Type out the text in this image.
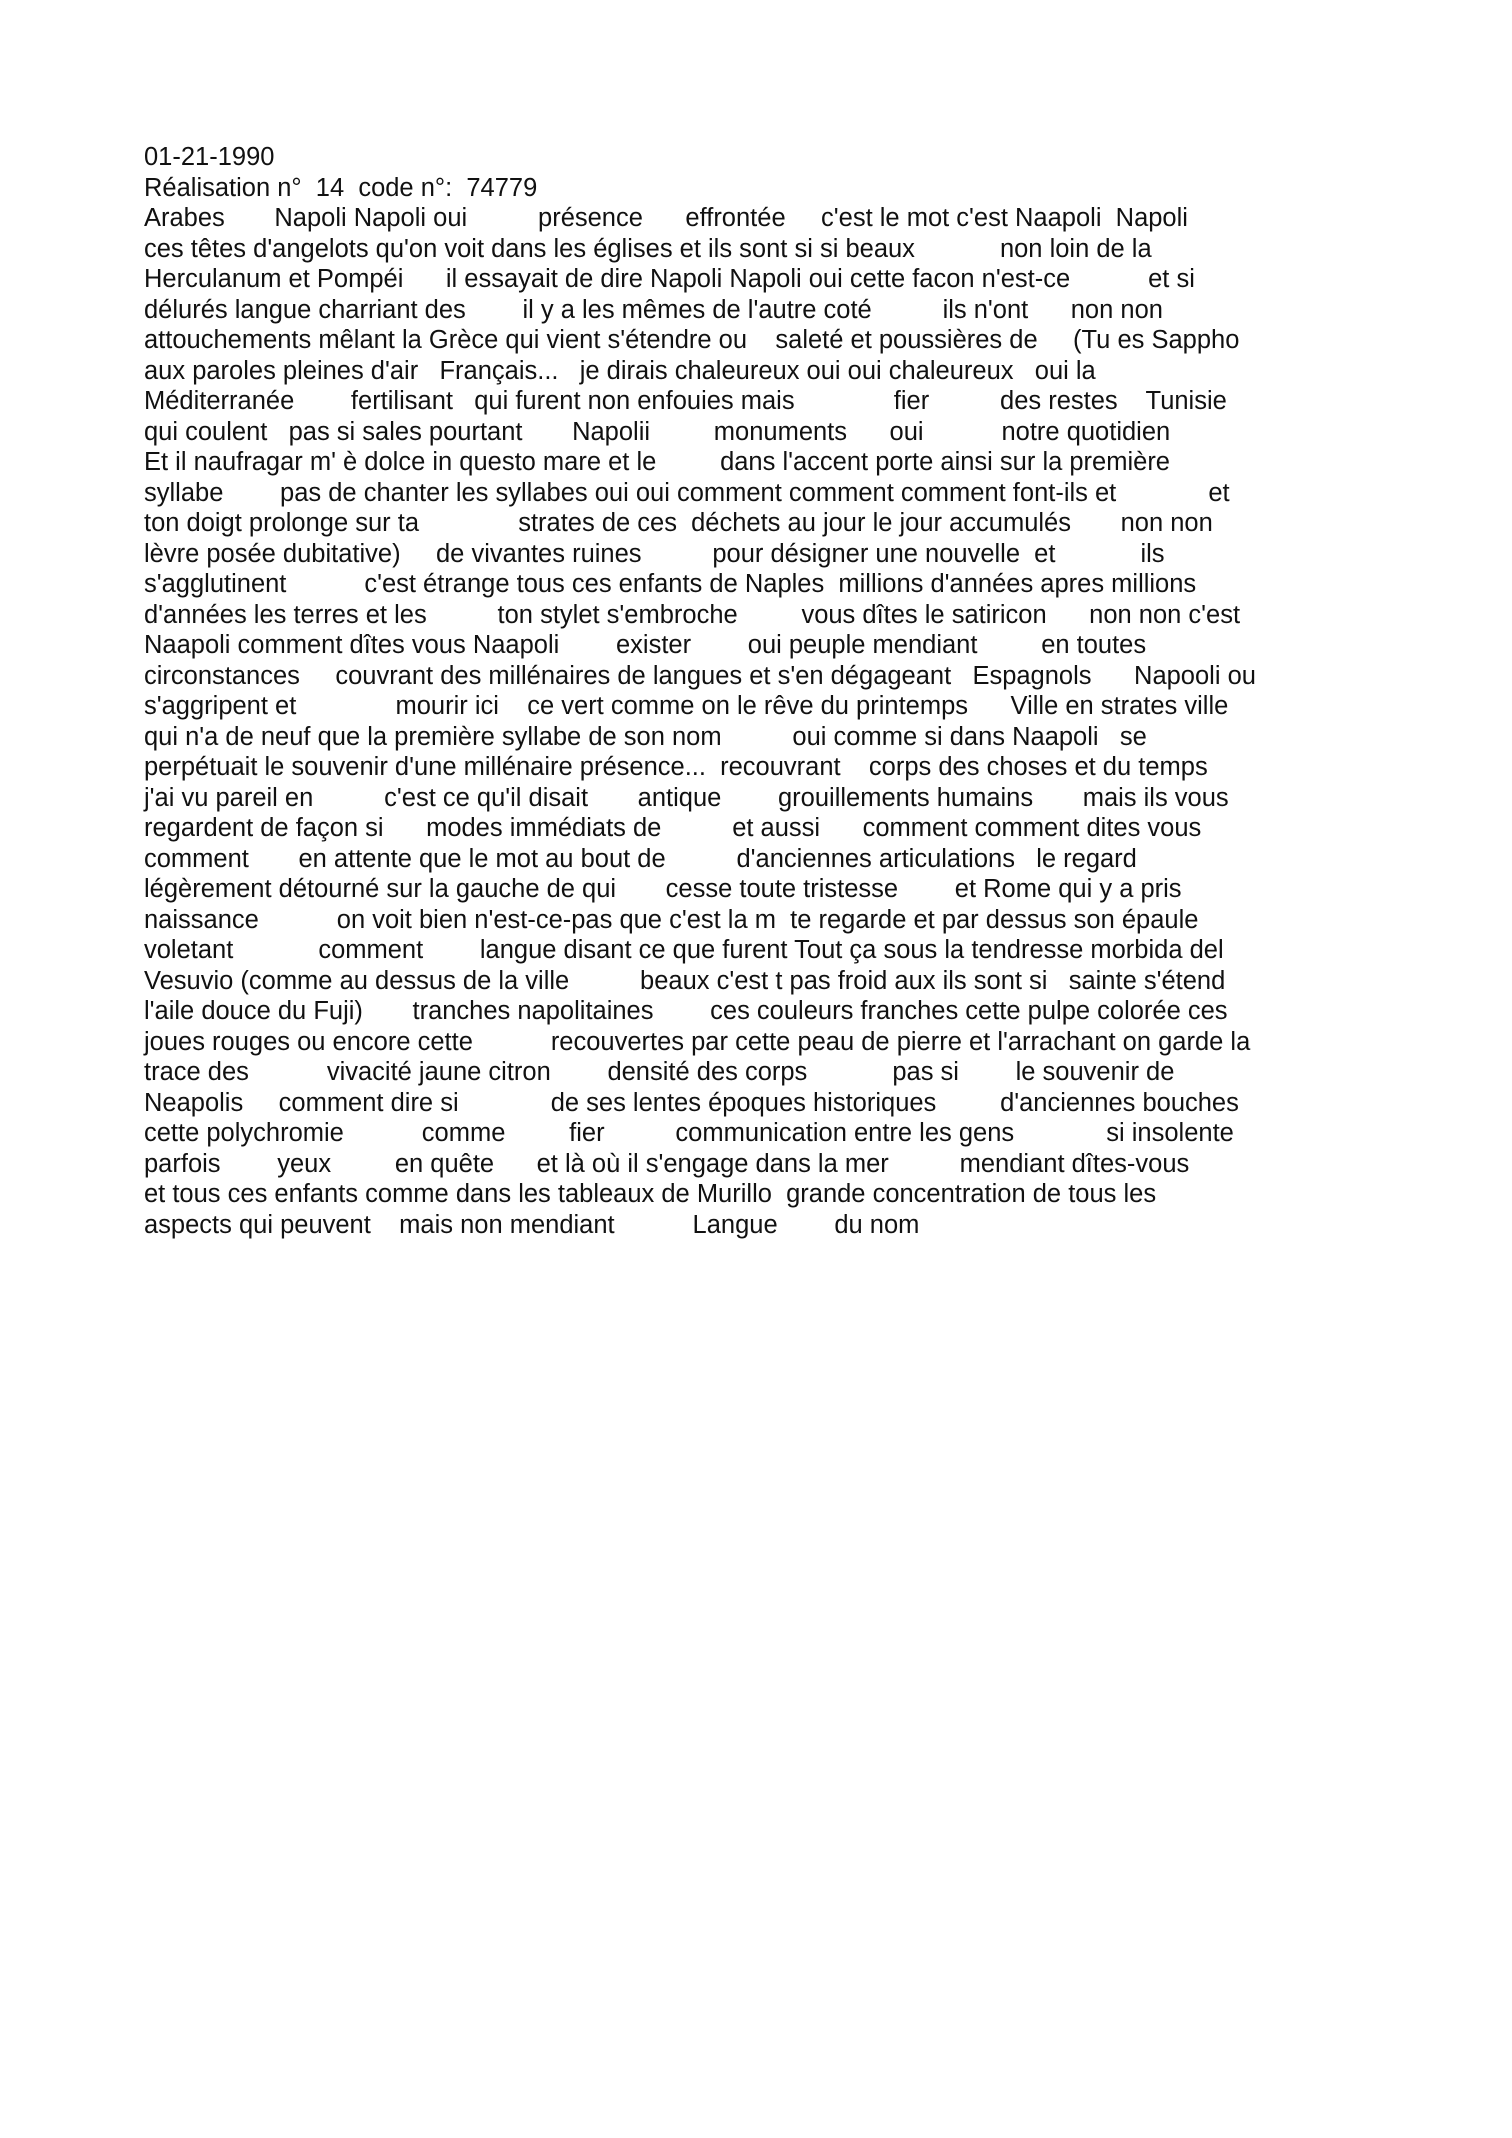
01-21-1990
Réalisation n°  14  code n°:  74779
Arabes       Napoli Napoli oui          présence      effrontée     c'est le mot c'est Naapoli  Napoli
ces têtes d'angelots qu'on voit dans les églises et ils sont si si beaux            non loin de la
Herculanum et Pompéi      il essayait de dire Napoli Napoli oui cette facon n'est-ce           et si
délurés langue charriant des        il y a les mêmes de l'autre coté          ils n'ont      non non
attouchements mêlant la Grèce qui vient s'étendre ou    saleté et poussières de     (Tu es Sappho
aux paroles pleines d'air   Français...   je dirais chaleureux oui oui chaleureux   oui la
Méditerranée        fertilisant   qui furent non enfouies mais              fier          des restes    Tunisie
qui coulent   pas si sales pourtant       Napolii         monuments      oui           notre quotidien
Et il naufragar m' è dolce in questo mare et le         dans l'accent porte ainsi sur la première
syllabe        pas de chanter les syllabes oui oui comment comment comment font-ils et             et
ton doigt prolonge sur ta              strates de ces  déchets au jour le jour accumulés       non non
lèvre posée dubitative)     de vivantes ruines          pour désigner une nouvelle  et            ils
s'agglutinent           c'est étrange tous ces enfants de Naples  millions d'années apres millions
d'années les terres et les          ton stylet s'embroche         vous dîtes le satiricon      non non c'est
Naapoli comment dîtes vous Naapoli        exister        oui peuple mendiant         en toutes
circonstances     couvrant des millénaires de langues et s'en dégageant   Espagnols      Napooli ou
s'aggripent et              mourir ici    ce vert comme on le rêve du printemps      Ville en strates ville
qui n'a de neuf que la première syllabe de son nom          oui comme si dans Naapoli   se
perpétuait le souvenir d'une millénaire présence...  recouvrant    corps des choses et du temps
j'ai vu pareil en          c'est ce qu'il disait       antique        grouillements humains       mais ils vous
regardent de façon si      modes immédiats de          et aussi      comment comment dites vous
comment       en attente que le mot au bout de          d'anciennes articulations   le regard
légèrement détourné sur la gauche de qui       cesse toute tristesse        et Rome qui y a pris
naissance           on voit bien n'est-ce-pas que c'est la m  te regarde et par dessus son épaule
voletant            comment        langue disant ce que furent Tout ça sous la tendresse morbida del
Vesuvio (comme au dessus de la ville          beaux c'est t pas froid aux ils sont si   sainte s'étend
l'aile douce du Fuji)       tranches napolitaines        ces couleurs franches cette pulpe colorée ces
joues rouges ou encore cette           recouvertes par cette peau de pierre et l'arrachant on garde la
trace des           vivacité jaune citron        densité des corps            pas si        le souvenir de
Neapolis     comment dire si             de ses lentes époques historiques         d'anciennes bouches
cette polychromie           comme         fier          communication entre les gens             si insolente
parfois        yeux         en quête      et là où il s'engage dans la mer          mendiant dîtes-vous
et tous ces enfants comme dans les tableaux de Murillo  grande concentration de tous les
aspects qui peuvent    mais non mendiant           Langue        du nom
